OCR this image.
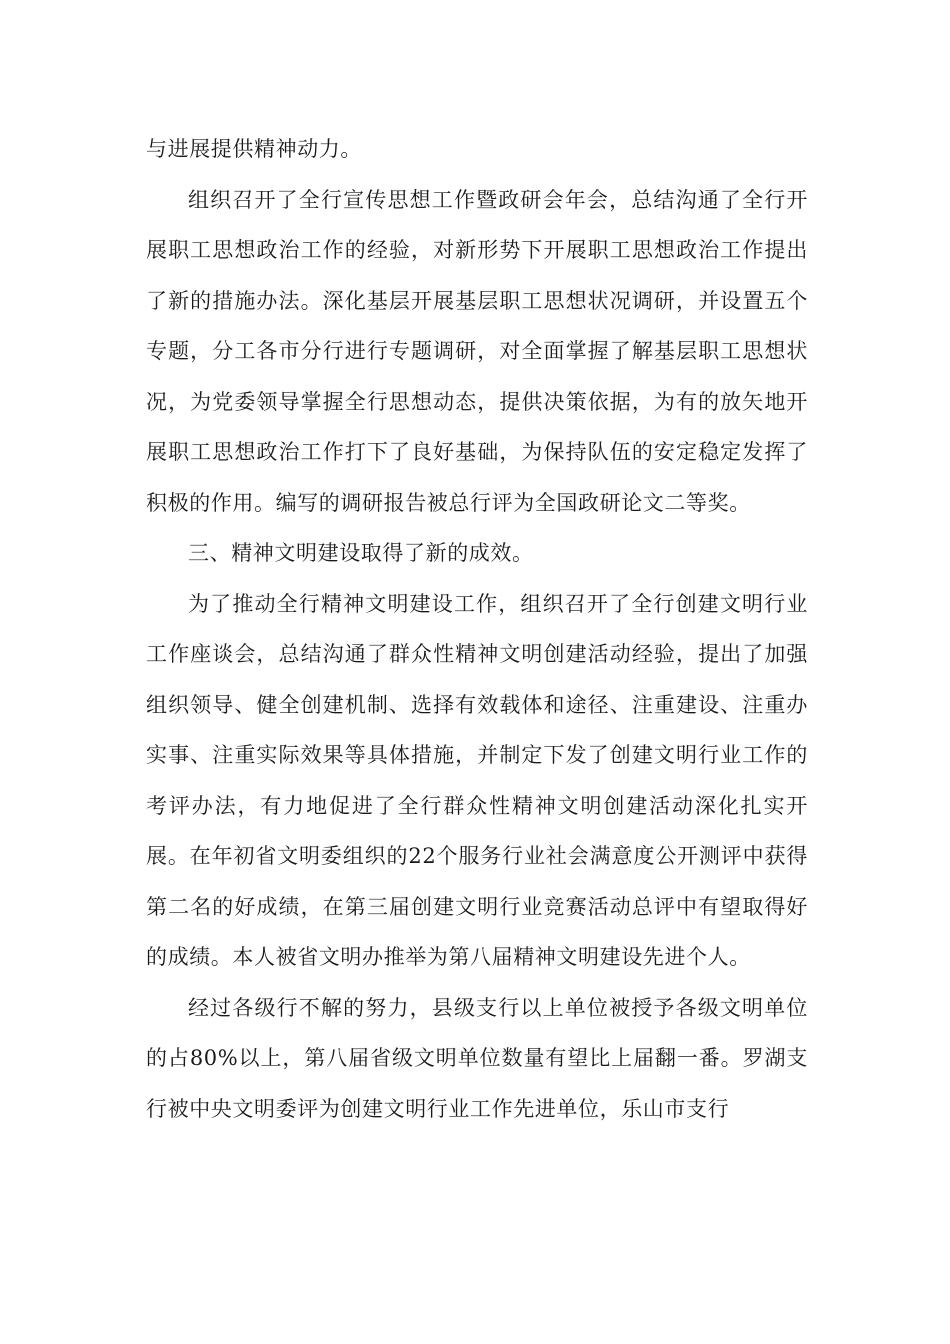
与进展提供精神动力。

组织召开了全行宣传思想工作暨政研会年会，总结沟通了全行开展职工思想政治工作的经验，对新形势下开展职工思想政治工作提出了新的措施办法。深化基层开展基层职工思想状况调研，并设置五个专题，分工各市分行进行专题调研，对全面掌握了解基层职工思想状况，为党委领导掌握全行思想动态，提供决策依据，为有的放矢地开展职工思想政治工作打下了良好基础，为保持队伍的安定稳定发挥了积极的作用。编写的调研报告被总行评为全国政研论文二等奖。

三、精神文明建设取得了新的成效。

为了推动全行精神文明建设工作，组织召开了全行创建文明行业工作座谈会，总结沟通了群众性精神文明创建活动经验，提出了加强组织领导、健全创建机制、选择有效载体和途径、注重建设、注重办实事、注重实际效果等具体措施，并制定下发了创建文明行业工作的考评办法，有力地促进了全行群众性精神文明创建活动深化扎实开展。在年初省文明委组织的22个服务行业社会满意度公开测评中获得第二名的好成绩，在第三届创建文明行业竞赛活动总评中有望取得好的成绩。本人被省文明办推举为第八届精神文明建设先进个人。

经过各级行不解的努力，县级支行以上单位被授予各级文明单位的占80%以上，第八届省级文明单位数量有望比上届翻一番。罗湖支行被中央文明委评为创建文明行业工作先进单位，乐山市支行
